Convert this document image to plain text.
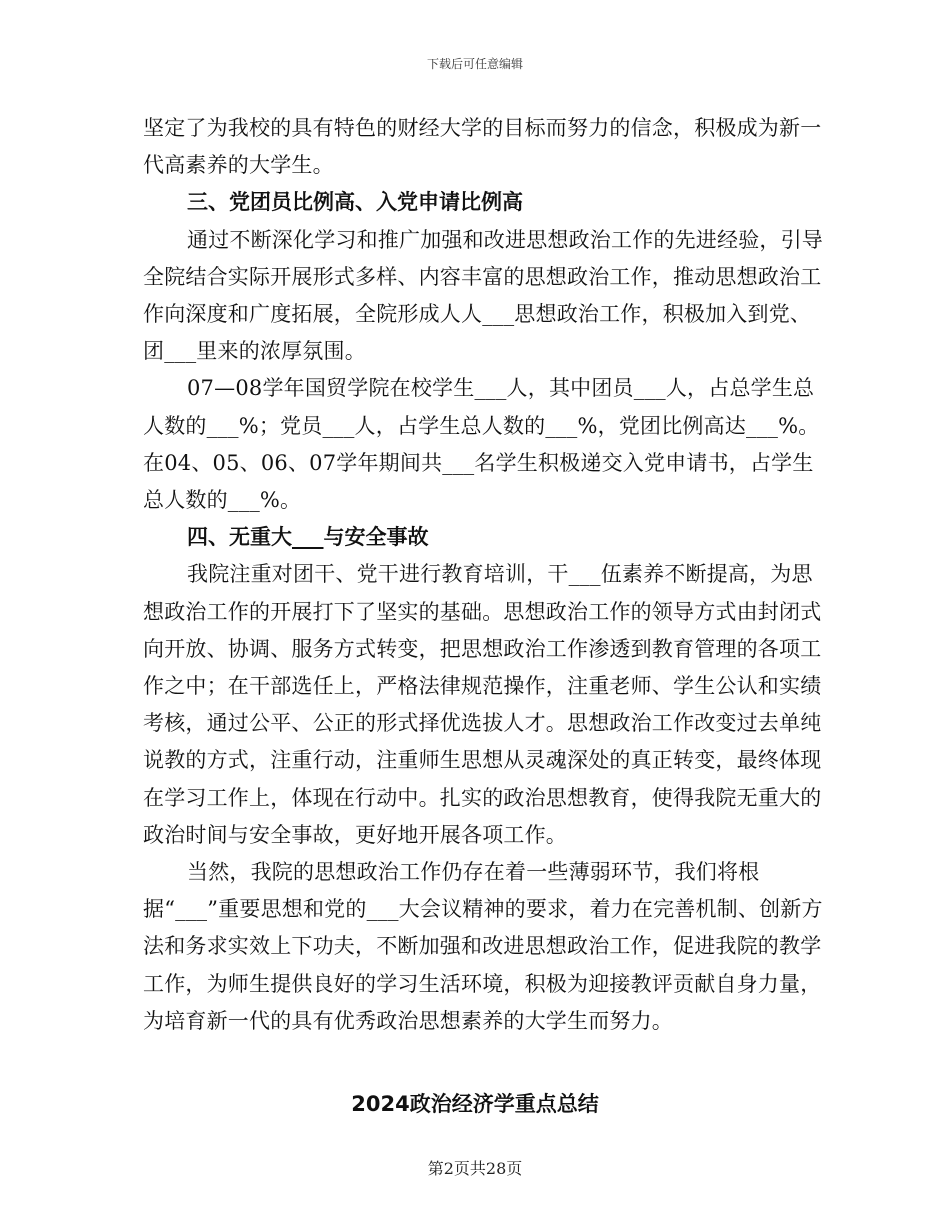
下载后可任意编辑

坚定了为我校的具有特色的财经大学的目标而努力的信念，积极成为新一代高素养的大学生。

三、党团员比例高、入党申请比例高

通过不断深化学习和推广加强和改进思想政治工作的先进经验，引导全院结合实际开展形式多样、内容丰富的思想政治工作，推动思想政治工作向深度和广度拓展，全院形成人人___思想政治工作，积极加入到党、团___里来的浓厚氛围。

07—08学年国贸学院在校学生___人，其中团员___人，占总学生总人数的___%；党员___人，占学生总人数的___%，党团比例高达___%。在04、05、06、07学年期间共___名学生积极递交入党申请书，占学生总人数的___%。

四、无重大___与安全事故

我院注重对团干、党干进行教育培训，干___伍素养不断提高，为思想政治工作的开展打下了坚实的基础。思想政治工作的领导方式由封闭式向开放、协调、服务方式转变，把思想政治工作渗透到教育管理的各项工作之中；在干部选任上，严格法律规范操作，注重老师、学生公认和实绩考核，通过公平、公正的形式择优选拔人才。思想政治工作改变过去单纯说教的方式，注重行动，注重师生思想从灵魂深处的真正转变，最终体现在学习工作上，体现在行动中。扎实的政治思想教育，使得我院无重大的政治时间与安全事故，更好地开展各项工作。

当然，我院的思想政治工作仍存在着一些薄弱环节，我们将根据“___”重要思想和党的___大会议精神的要求，着力在完善机制、创新方法和务求实效上下功夫，不断加强和改进思想政治工作，促进我院的教学工作，为师生提供良好的学习生活环境，积极为迎接教评贡献自身力量，为培育新一代的具有优秀政治思想素养的大学生而努力。

2024政治经济学重点总结
第2页共28页
